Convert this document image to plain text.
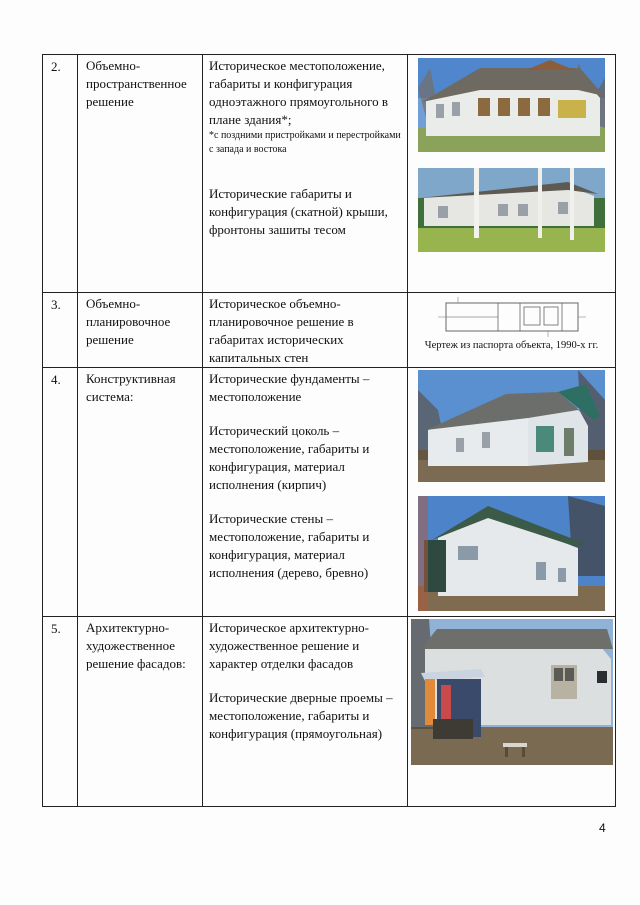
2.	Объемно-пространственное решение	Историческое местоположение, габариты и конфигурация одноэтажного прямоугольного в плане здания*;
*с поздними пристройками и перестройками с запада и востока
Исторические габариты и конфигурация (скатной) крыши, фронтоны зашиты тесом

3.	Объемно-планировочное решение	Историческое объемно-планировочное решение в габаритах исторических капитальных стен	Чертеж из паспорта объекта, 1990-х гг.

4.	Конструктивная система:	Исторические фундаменты – местоположение
Исторический цоколь – местоположение, габариты и конфигурация, материал исполнения (кирпич)
Исторические стены – местоположение, габариты и конфигурация, материал исполнения (дерево, бревно)

5.	Архитектурно-художественное решение фасадов:	Историческое архитектурно-художественное решение и характер отделки фасадов
Исторические дверные проемы – местоположение, габариты и конфигурация (прямоугольная)

4
